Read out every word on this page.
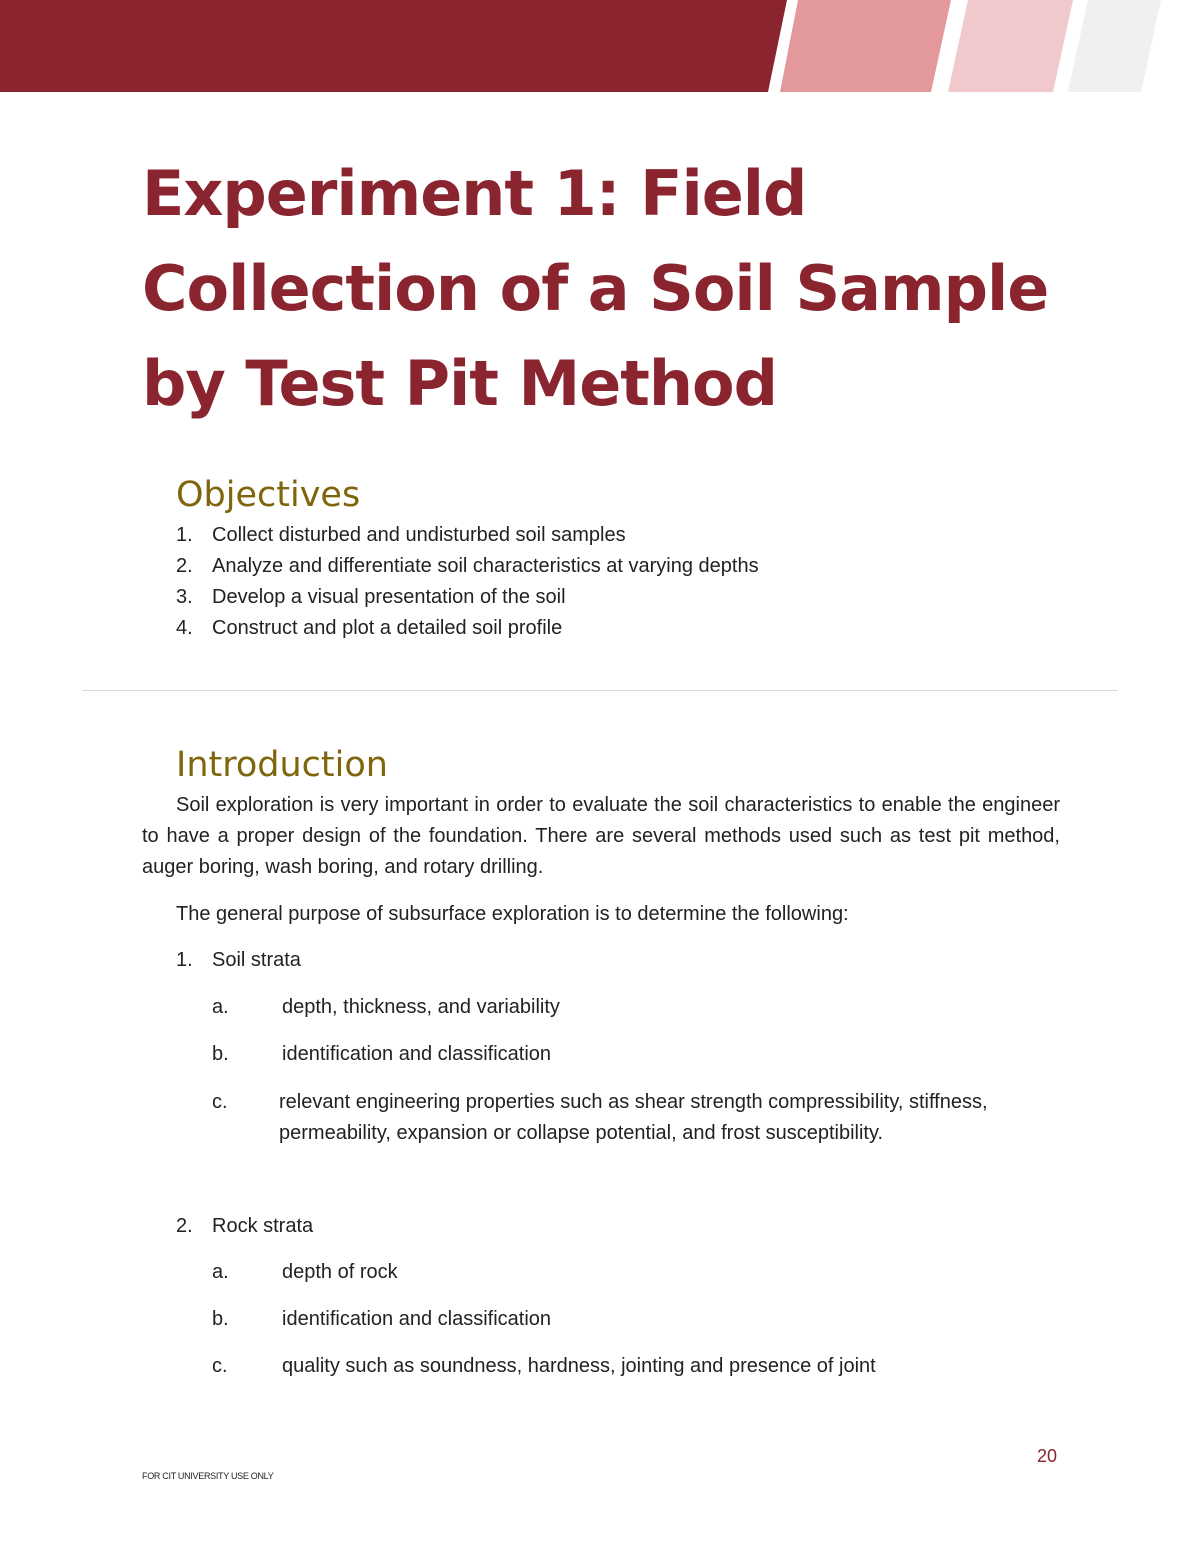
Experiment 1: Field Collection of a Soil Sample by Test Pit Method
Objectives
1. Collect disturbed and undisturbed soil samples
2. Analyze and differentiate soil characteristics at varying depths
3. Develop a visual presentation of the soil
4. Construct and plot a detailed soil profile
Introduction

Soil exploration is very important in order to evaluate the soil characteristics to enable the engineer to have a proper design of the foundation. There are several methods used such as test pit method, auger boring, wash boring, and rotary drilling.

The general purpose of subsurface exploration is to determine the following:

1. Soil strata
a.	depth, thickness, and variability
b.	identification and classification
c.	relevant engineering properties such as shear strength compressibility, stiffness, permeability, expansion or collapse potential, and frost susceptibility.
2. Rock strata
a.	depth of rock
b.	identification and classification
c.	quality such as soundness, hardness, jointing and presence of joint
20
FOR CIT UNIVERSITY USE ONLY
